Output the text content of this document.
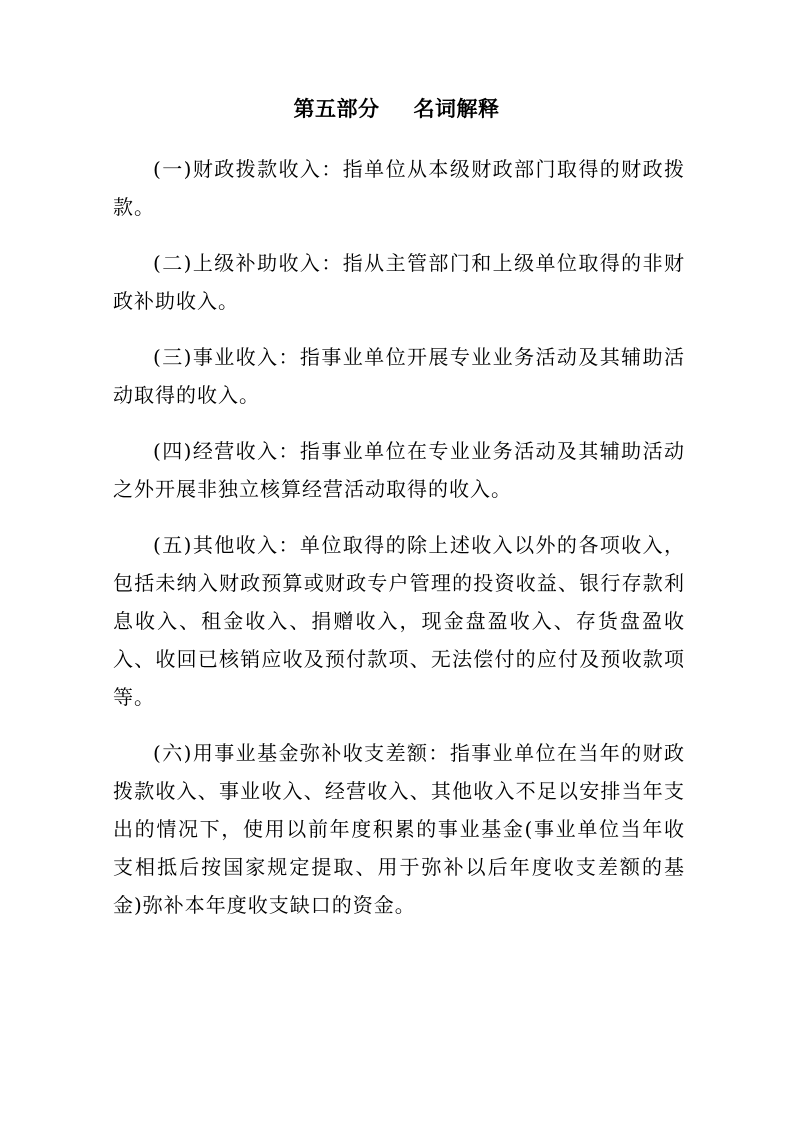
第五部分 名词解释

(一)财政拨款收入：指单位从本级财政部门取得的财政拨款。

(二)上级补助收入：指从主管部门和上级单位取得的非财政补助收入。

(三)事业收入：指事业单位开展专业业务活动及其辅助活动取得的收入。

(四)经营收入：指事业单位在专业业务活动及其辅助活动之外开展非独立核算经营活动取得的收入。

(五)其他收入：单位取得的除上述收入以外的各项收入，包括未纳入财政预算或财政专户管理的投资收益、银行存款利息收入、租金收入、捐赠收入，现金盘盈收入、存货盘盈收入、收回已核销应收及预付款项、无法偿付的应付及预收款项等。

(六)用事业基金弥补收支差额：指事业单位在当年的财政拨款收入、事业收入、经营收入、其他收入不足以安排当年支出的情况下，使用以前年度积累的事业基金(事业单位当年收支相抵后按国家规定提取、用于弥补以后年度收支差额的基金)弥补本年度收支缺口的资金。
